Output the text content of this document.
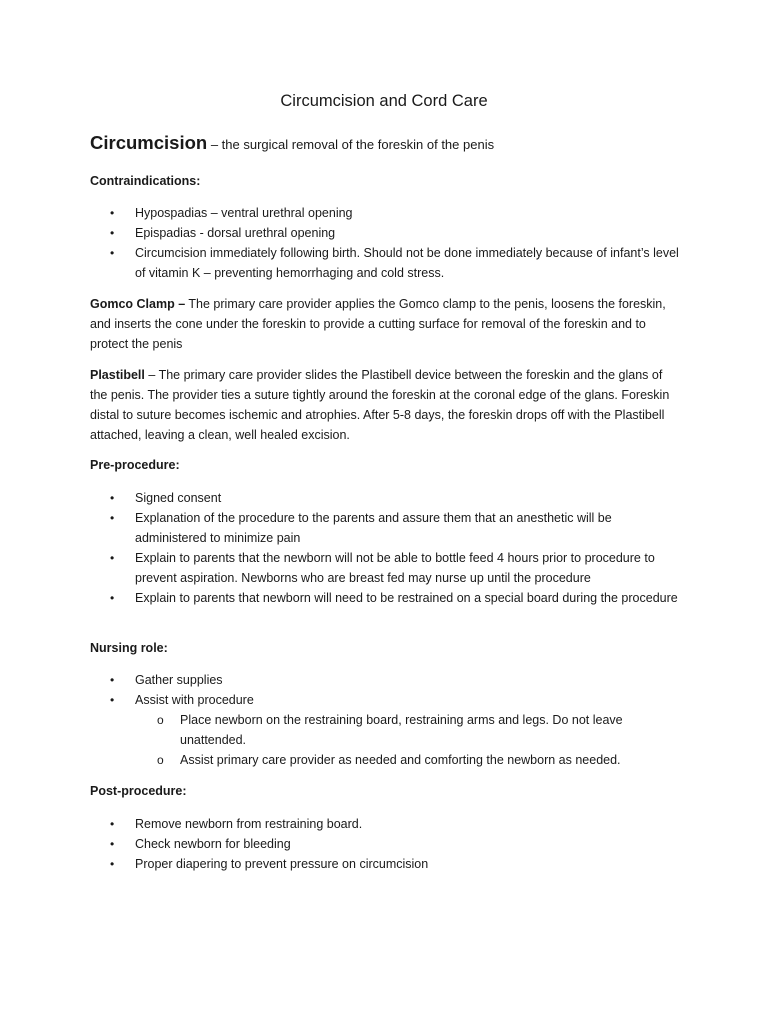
Circumcision and Cord Care
Circumcision – the surgical removal of the foreskin of the penis
Contraindications:
• Hypospadias – ventral urethral opening
• Epispadias - dorsal urethral opening
• Circumcision immediately following birth. Should not be done immediately because of infant’s level of vitamin K – preventing hemorrhaging and cold stress.
Gomco Clamp – The primary care provider applies the Gomco clamp to the penis, loosens the foreskin, and inserts the cone under the foreskin to provide a cutting surface for removal of the foreskin and to protect the penis
Plastibell – The primary care provider slides the Plastibell device between the foreskin and the glans of the penis. The provider ties a suture tightly around the foreskin at the coronal edge of the glans. Foreskin distal to suture becomes ischemic and atrophies. After 5-8 days, the foreskin drops off with the Plastibell attached, leaving a clean, well healed excision.
Pre-procedure:
• Signed consent
• Explanation of the procedure to the parents and assure them that an anesthetic will be administered to minimize pain
• Explain to parents that the newborn will not be able to bottle feed 4 hours prior to procedure to prevent aspiration. Newborns who are breast fed may nurse up until the procedure
• Explain to parents that newborn will need to be restrained on a special board during the procedure
Nursing role:
• Gather supplies
• Assist with procedure
o Place newborn on the restraining board, restraining arms and legs. Do not leave unattended.
o Assist primary care provider as needed and comforting the newborn as needed.
Post-procedure:
• Remove newborn from restraining board.
• Check newborn for bleeding
• Proper diapering to prevent pressure on circumcision
